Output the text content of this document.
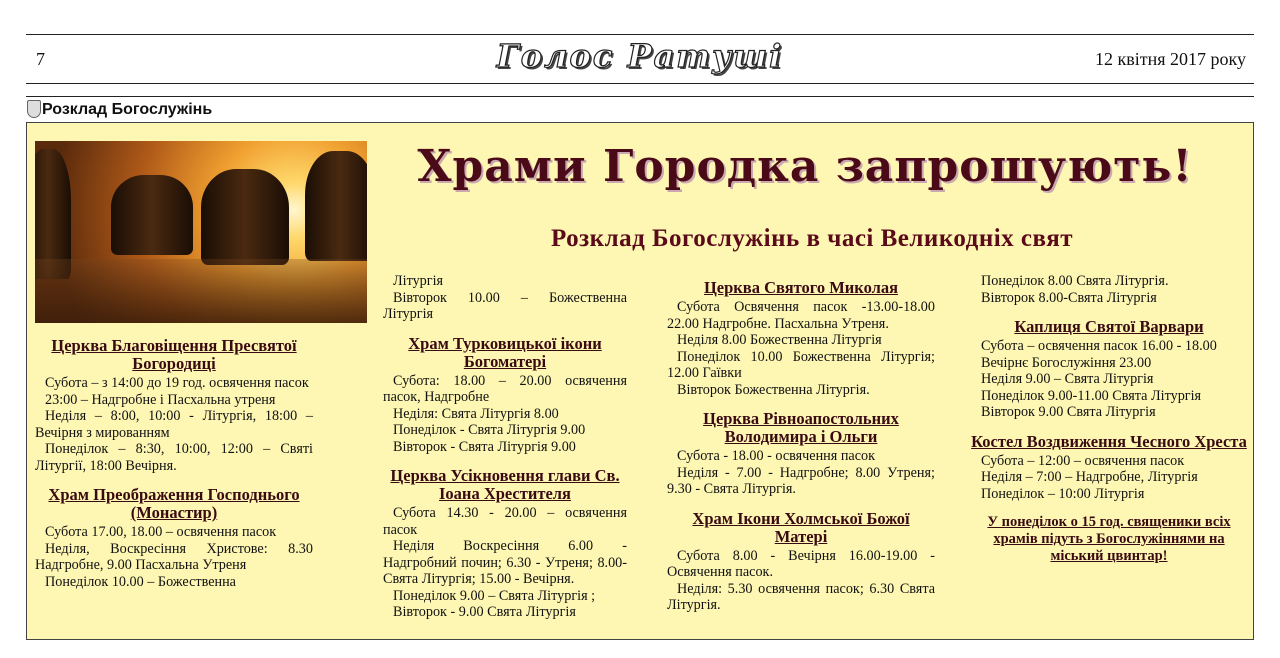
7	Голос Ратуші	12 квітня 2017 року
Розклад Богослужінь
Храми Городка запрошують!
Розклад Богослужінь в часі Великодніх свят
Церква Благовіщення Пресвятої Богородиці

Субота – з 14:00 до 19 год. освячення пасок

23:00 – Надгробне і Пасхальна утреня

Неділя – 8:00, 10:00 - Літургія, 18:00 – Вечірня з мированням

Понеділок – 8:30, 10:00, 12:00 – Святі Літургії, 18:00 Вечірня.

Храм Преображення Господнього (Монастир)

Субота 17.00, 18.00 – освячення пасок

Неділя, Воскресіння Христове: 8.30 Надгробне, 9.00 Пасхальна Утреня

Понеділок 10.00 – Божественна

Літургія

Вівторок 10.00 – Божественна Літургія

Храм Турковицької ікони Богоматері

Субота: 18.00 – 20.00 освячення пасок, Надгробне

Неділя: Свята Літургія 8.00

Понеділок - Свята Літургія 9.00

Вівторок - Свята Літургія 9.00

Церква Усікновення глави Св. Іоана Хрестителя

Субота 14.30 - 20.00 – освячення пасок

Неділя Воскресіння 6.00 - Надгробний почин; 6.30 - Утреня; 8.00- Свята Літургія; 15.00 - Вечірня.

Понеділок 9.00 – Свята Літургія ;

Вівторок - 9.00 Свята Літургія

Церква Святого Миколая

Субота Освячення пасок -13.00-18.00 22.00 Надгробне. Пасхальна Утреня.

Неділя 8.00 Божественна Літургія

Понеділок 10.00 Божественна Літургія; 12.00 Гаївки

Вівторок Божественна Літургія.

Церква Рівноапостольних Володимира і Ольги

Субота - 18.00 - освячення пасок

Неділя - 7.00 - Надгробне; 8.00 Утреня; 9.30 - Свята Літургія.

Храм Ікони Холмської Божої Матері

Субота 8.00 - Вечірня 16.00-19.00 - Освячення пасок.

Неділя: 5.30 освячення пасок; 6.30 Свята Літургія.

Понеділок 8.00 Свята Літургія.

Вівторок 8.00-Свята Літургія

Каплиця Святої Варвари

Субота – освячення пасок 16.00 - 18.00

Вечірнє Богослужіння 23.00

Неділя 9.00 – Свята Літургія

Понеділок 9.00-11.00 Свята Літургія

Вівторок 9.00 Свята Літургія

Костел Воздвиження Чесного Хреста

Субота – 12:00 – освячення пасок

Неділя – 7:00 – Надгробне, Літургія

Понеділок – 10:00 Літургія

У понеділок о 15 год. священики всіх храмів підуть з Богослужіннями на міський цвинтар!
